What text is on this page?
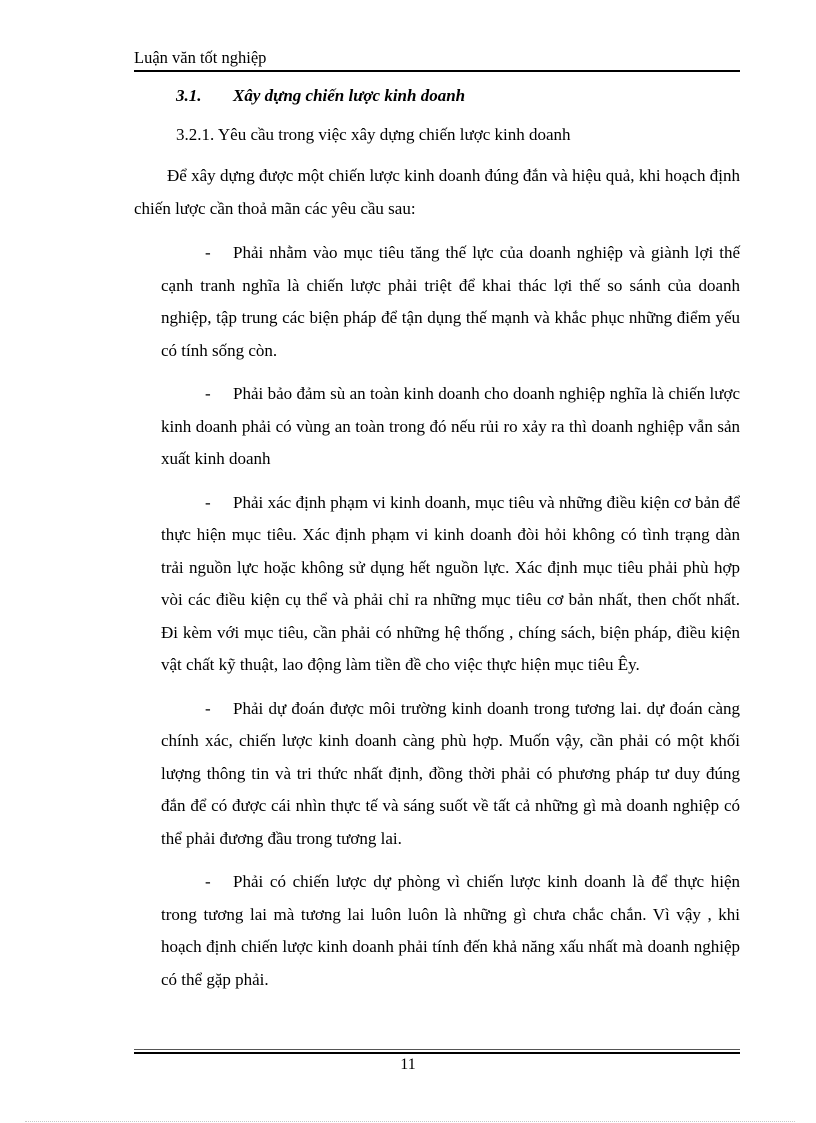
Luận văn tốt nghiệp
3.1. Xây dựng chiến lược kinh doanh
3.2.1. Yêu cầu trong việc xây dựng chiến lược kinh doanh

Để xây dựng được một chiến lược kinh doanh đúng đắn và hiệu quả, khi hoạch định chiến lược cần thoả mãn các yêu cầu sau:

- Phải nhằm vào mục tiêu tăng thế lực của doanh nghiệp và giành lợi thế cạnh tranh nghĩa là chiến lược phải triệt để khai thác lợi thế so sánh của doanh nghiệp, tập trung các biện pháp để tận dụng thế mạnh và khắc phục những điểm yếu có tính sống còn.

- Phải bảo đảm sù an toàn kinh doanh cho doanh nghiệp nghĩa là chiến lược kinh doanh phải có vùng an toàn trong đó nếu rủi ro xảy ra thì doanh nghiệp vẫn sản xuất kinh doanh

- Phải xác định phạm vi kinh doanh, mục tiêu và những điều kiện cơ bản để thực hiện mục tiêu. Xác định phạm vi kinh doanh đòi hỏi không có tình trạng dàn trải nguồn lực hoặc không sử dụng hết nguồn lực. Xác định mục tiêu phải phù hợp vòi các điều kiện cụ thể và phải chỉ ra những mục tiêu cơ bản nhất, then chốt nhất. Đi kèm với mục tiêu, cần phải có những hệ thống , chíng sách, biện pháp, điều kiện vật chất kỹ thuật, lao động làm tiền đề cho việc thực hiện mục tiêu Êy.

- Phải dự đoán được môi trường kinh doanh trong tương lai. dự đoán càng chính xác, chiến lược kinh doanh càng phù hợp. Muốn vậy, cần phải có một khối lượng thông tin và tri thức nhất định, đồng thời phải có phương pháp tư duy đúng đắn để có được cái nhìn thực tế và sáng suốt về tất cả những gì mà doanh nghiệp có thể phải đương đầu trong tương lai.

- Phải có chiến lược dự phòng vì chiến lược kinh doanh là để thực hiện trong tương lai mà tương lai luôn luôn là những gì chưa chắc chắn. Vì vậy , khi hoạch định chiến lược kinh doanh phải tính đến khả năng xấu nhất mà doanh nghiệp có thể gặp phải.

11
